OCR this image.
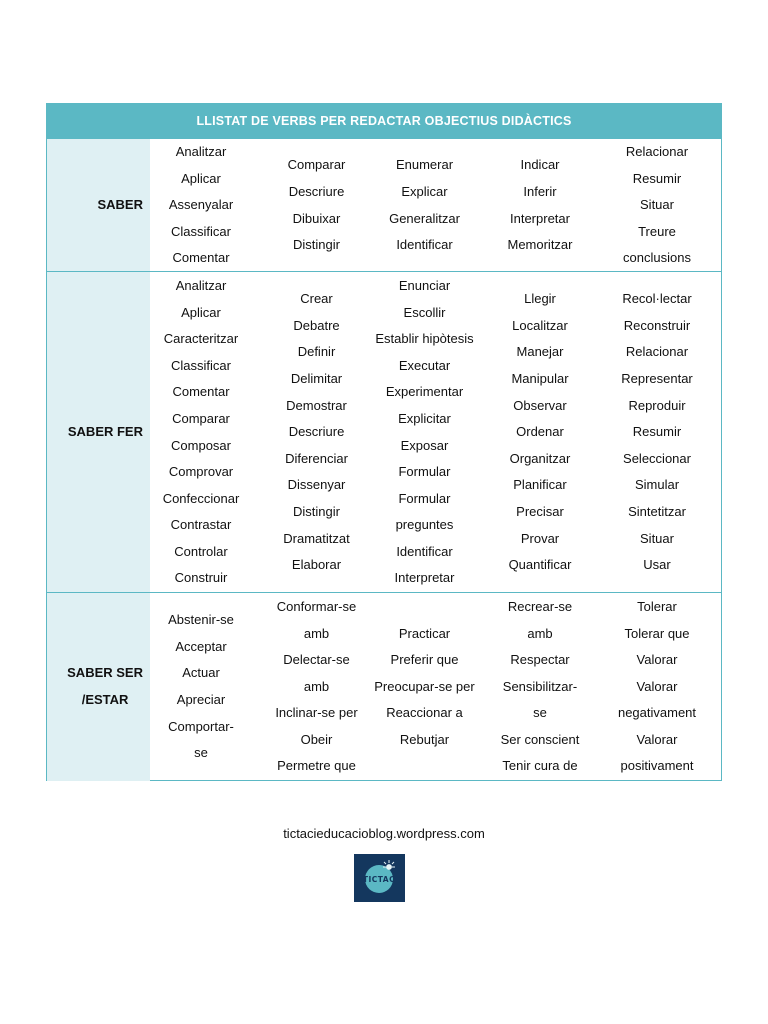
LLISTAT DE VERBS PER REDACTAR OBJECTIUS DIDÀCTICS
SABER
Analitzar
Aplicar
Assenyalar
Classificar
Comentar
Comparar
Descriure
Dibuixar
Distingir
Enumerar
Explicar
Generalitzar
Identificar
Indicar
Inferir
Interpretar
Memoritzar
Relacionar
Resumir
Situar
Treure
conclusions
SABER FER
Analitzar
Aplicar
Caracteritzar
Classificar
Comentar
Comparar
Composar
Comprovar
Confeccionar
Contrastar
Controlar
Construir
Crear
Debatre
Definir
Delimitar
Demostrar
Descriure
Diferenciar
Dissenyar
Distingir
Dramatitzat
Elaborar
Enunciar
Escollir
Establir hipòtesis
Executar
Experimentar
Explicitar
Exposar
Formular
Formular
preguntes
Identificar
Interpretar
Llegir
Localitzar
Manejar
Manipular
Observar
Ordenar
Organitzar
Planificar
Precisar
Provar
Quantificar
Recol·lectar
Reconstruir
Relacionar
Representar
Reproduir
Resumir
Seleccionar
Simular
Sintetitzar
Situar
Usar
SABER SER
/ESTAR
Abstenir-se
Acceptar
Actuar
Apreciar
Comportar-
se
Conformar-se
amb
Delectar-se
amb
Inclinar-se per
Obeir
Permetre que
Practicar
Preferir que
Preocupar-se per
Reaccionar a
Rebutjar
Recrear-se
amb
Respectar
Sensibilitzar-
se
Ser conscient
Tenir cura de
Tolerar
Tolerar que
Valorar
Valorar
negativament
Valorar
positivament
tictacieducacioblog.wordpress.com
TICTAC
